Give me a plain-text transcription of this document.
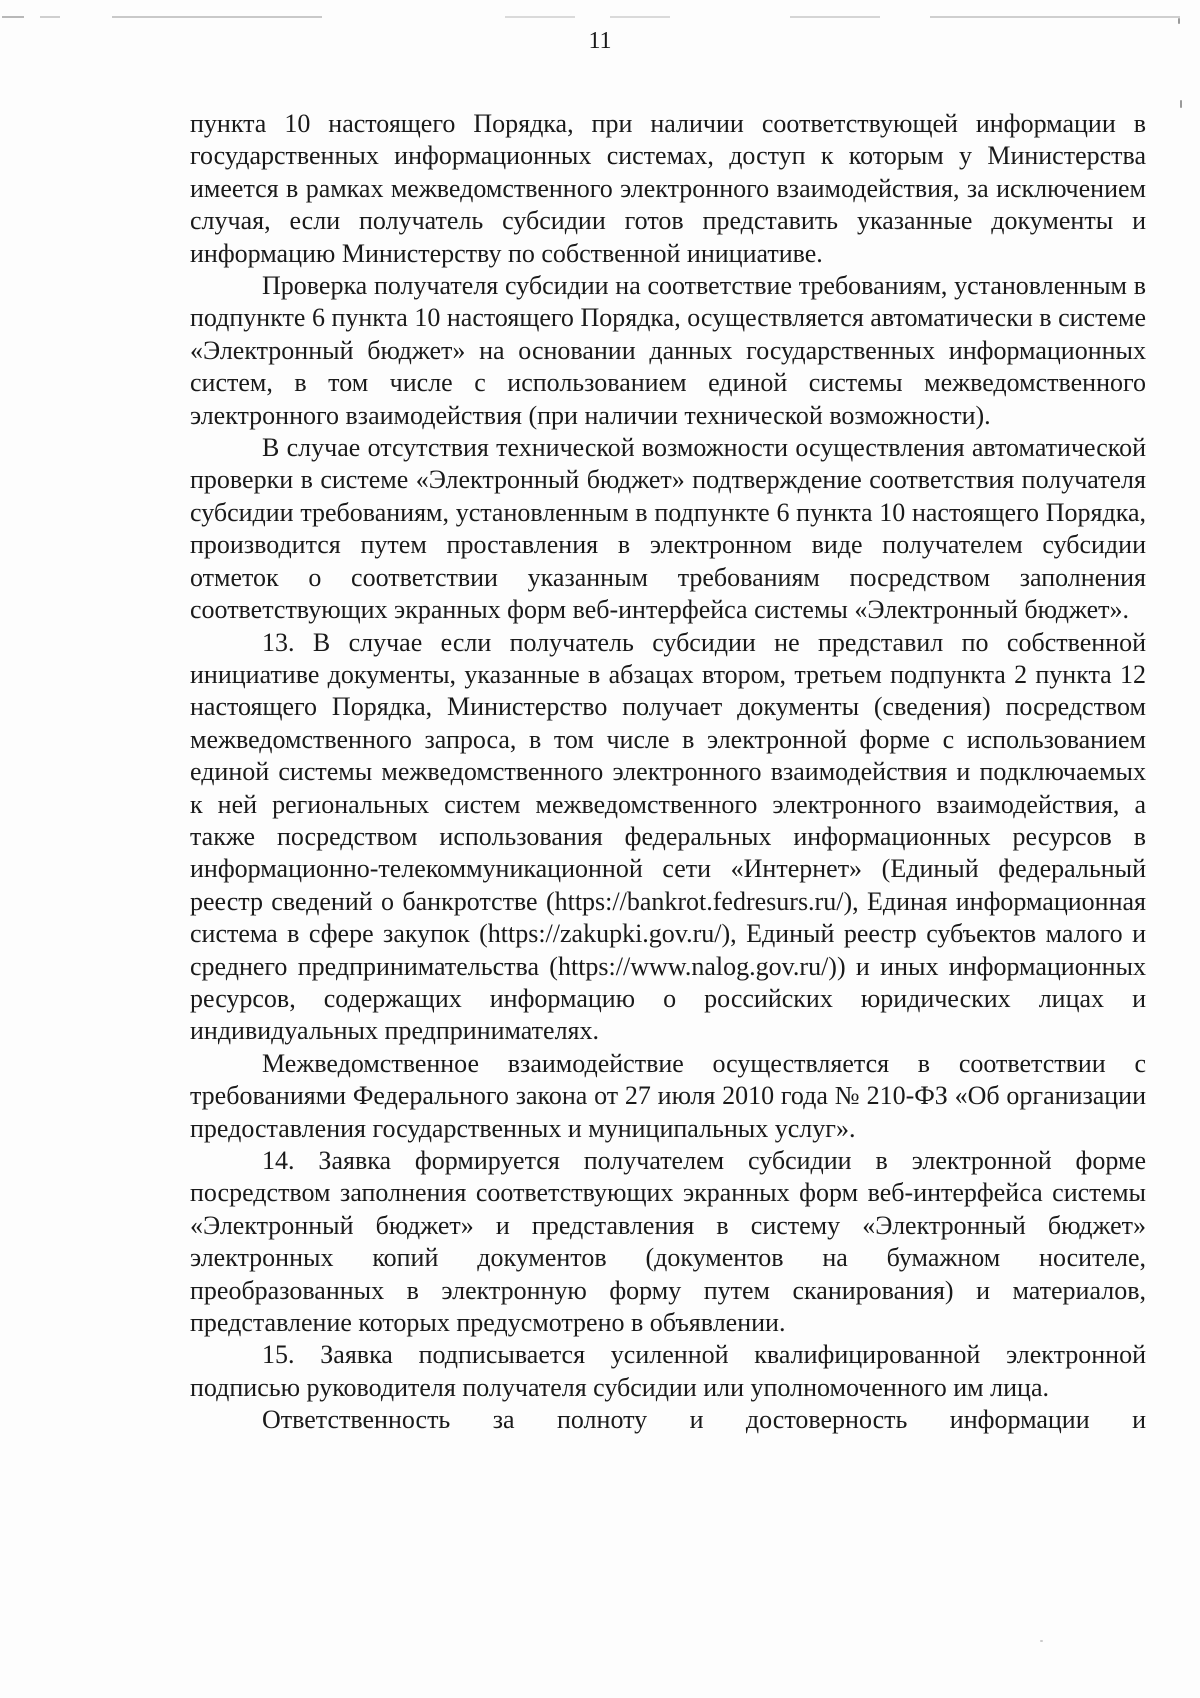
11

пункта 10 настоящего Порядка, при наличии соответствующей информации в государственных информационных системах, доступ к которым у Министерства имеется в рамках межведомственного электронного взаимодействия, за исключением случая, если получатель субсидии готов представить указанные документы и информацию Министерству по собственной инициативе.

Проверка получателя субсидии на соответствие требованиям, установленным в подпункте 6 пункта 10 настоящего Порядка, осуществляется автоматически в системе «Электронный бюджет» на основании данных государственных информационных систем, в том числе с использованием единой системы межведомственного электронного взаимодействия (при наличии технической возможности).

В случае отсутствия технической возможности осуществления автоматической проверки в системе «Электронный бюджет» подтверждение соответствия получателя субсидии требованиям, установленным в подпункте 6 пункта 10 настоящего Порядка, производится путем проставления в электронном виде получателем субсидии отметок о соответствии указанным требованиям посредством заполнения соответствующих экранных форм веб-интерфейса системы «Электронный бюджет».

13. В случае если получатель субсидии не представил по собственной инициативе документы, указанные в абзацах втором, третьем подпункта 2 пункта 12 настоящего Порядка, Министерство получает документы (сведения) посредством межведомственного запроса, в том числе в электронной форме с использованием единой системы межведомственного электронного взаимодействия и подключаемых к ней региональных систем межведомственного электронного взаимодействия, а также посредством использования федеральных информационных ресурсов в информационно-телекоммуникационной сети «Интернет» (Единый федеральный реестр сведений о банкротстве (https://bankrot.fedresurs.ru/), Единая информационная система в сфере закупок (https://zakupki.gov.ru/), Единый реестр субъектов малого и среднего предпринимательства (https://www.nalog.gov.ru/)) и иных информационных ресурсов, содержащих информацию о российских юридических лицах и индивидуальных предпринимателях.

Межведомственное взаимодействие осуществляется в соответствии с требованиями Федерального закона от 27 июля 2010 года № 210-ФЗ «Об организации предоставления государственных и муниципальных услуг».

14. Заявка формируется получателем субсидии в электронной форме посредством заполнения соответствующих экранных форм веб-интерфейса системы «Электронный бюджет» и представления в систему «Электронный бюджет» электронных копий документов (документов на бумажном носителе, преобразованных в электронную форму путем сканирования) и материалов, представление которых предусмотрено в объявлении.

15. Заявка подписывается усиленной квалифицированной электронной подписью руководителя получателя субсидии или уполномоченного им лица.

Ответственность за полноту и достоверность информации и
